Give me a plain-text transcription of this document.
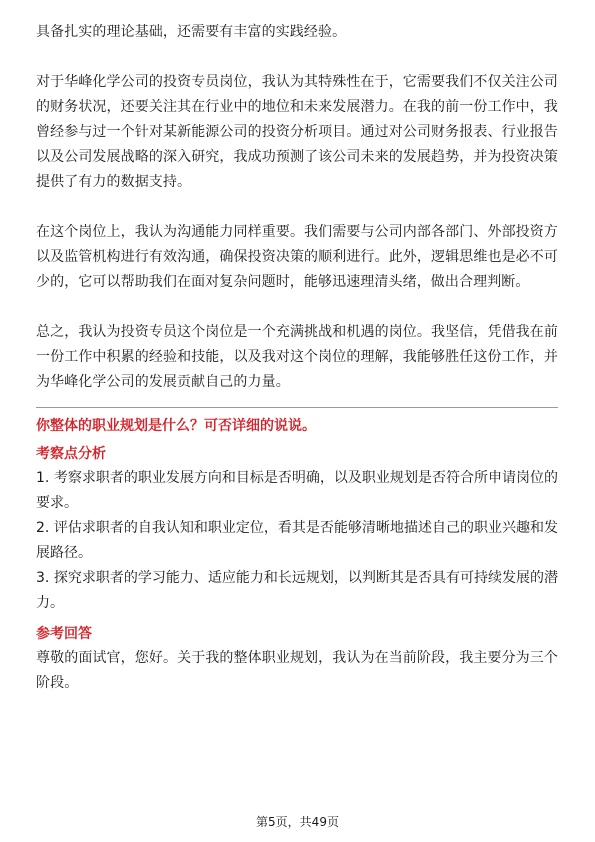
具备扎实的理论基础，还需要有丰富的实践经验。

对于华峰化学公司的投资专员岗位，我认为其特殊性在于，它需要我们不仅关注公司的财务状况，还要关注其在行业中的地位和未来发展潜力。在我的前一份工作中，我曾经参与过一个针对某新能源公司的投资分析项目。通过对公司财务报表、行业报告以及公司发展战略的深入研究，我成功预测了该公司未来的发展趋势，并为投资决策提供了有力的数据支持。

在这个岗位上，我认为沟通能力同样重要。我们需要与公司内部各部门、外部投资方以及监管机构进行有效沟通，确保投资决策的顺利进行。此外，逻辑思维也是必不可少的，它可以帮助我们在面对复杂问题时，能够迅速理清头绪，做出合理判断。

总之，我认为投资专员这个岗位是一个充满挑战和机遇的岗位。我坚信，凭借我在前一份工作中积累的经验和技能，以及我对这个岗位的理解，我能够胜任这份工作，并为华峰化学公司的发展贡献自己的力量。

你整体的职业规划是什么？可否详细的说说。

考察点分析

1. 考察求职者的职业发展方向和目标是否明确，以及职业规划是否符合所申请岗位的要求。

2. 评估求职者的自我认知和职业定位，看其是否能够清晰地描述自己的职业兴趣和发展路径。

3. 探究求职者的学习能力、适应能力和长远规划，以判断其是否具有可持续发展的潜力。

参考回答

尊敬的面试官，您好。关于我的整体职业规划，我认为在当前阶段，我主要分为三个阶段。

第5页，共49页
